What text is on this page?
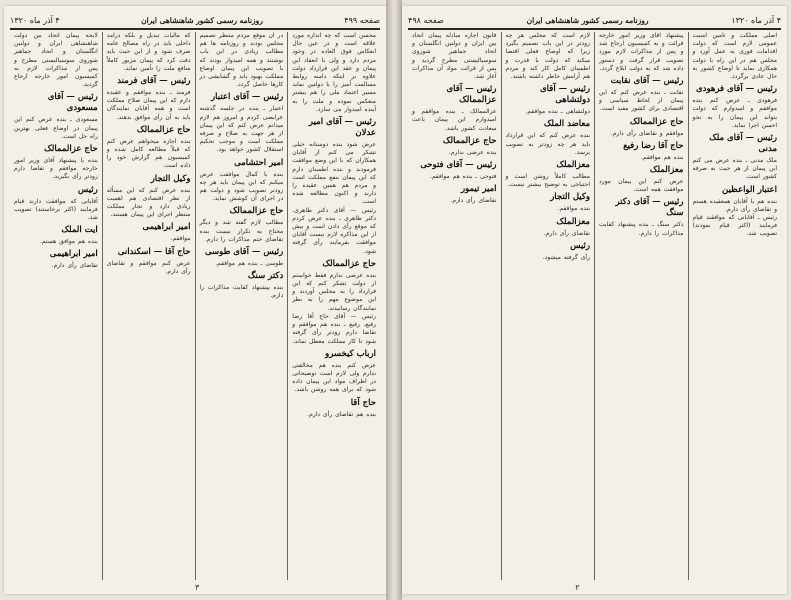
صفحه ۴۹۹
روزنامه رسمی کشور شاهنشاهی ایران
۴ آذر ماه ۱۳۲۰
محسن است که چه اندازه مورد علاقه است و در عین حال انعکاس فوق العاده در وجود مردم دارد و ولی با انعقاد این پیمان و عقد این قرارداد دولت علاوه بر اینکه دامنه روابط مسالمت آمیز را با دولتین نماید مسیر اعتماد ملی را هم بیشتر منعکس نموده و ملت را به آینده امیدوار می سازد.
رئیس — آقای امیر عدلان
عرض شود بنده دوستانه خیلی تشکر می کنم از آقایان همکاران که با این وضع موافقت فرمودند و بنده اطمینان دارم که این پیمان بنفع مملکت است و مردم هم همین عقیده را دارند و اکنون مطالعه شده است.
رئیس — آقای دکتر طاهری. دکتر طاهری ـ بنده عرض کردم که موقع رأی دادن است و بیش از این مذاکره لازم نیست آقایان موافقت بفرمایند رأی گرفته شود.
حاج عزالممالک
بنده عرضی ندارم فقط خواستم از دولت تشکر کنم که این قرارداد را به مجلس آوردند و این موضوع مهم را به نظر نمایندگان رسانیدند.
رئیس — آقای حاج آقا رضا رفیع. رفیع ـ بنده هم موافقم و تقاضا دارم زودتر رأی گرفته شود تا کار مملکت معطل نماند.
ارباب کیخسرو
عرض کنم بنده هم مخالفتی ندارم ولی لازم است توضیحاتی در اطراف مواد این پیمان داده شود که برای همه روشن باشد.
حاج آقا
بنده هم تقاضای رأی دارم.
در آن موقع مردم منتظر تصمیم مجلس بودند و روزنامه ها هم مطالب زیادی در این باب نوشتند و همه امیدوار بودند که با تصویب این پیمان اوضاع مملکت بهبود یابد و گشایشی در کارها حاصل گردد.
رئیس — آقای اعتبار
اعتبار ـ بنده در جلسه گذشته عرایضی کردم و امروز هم لازم میدانم عرض کنم که این پیمان از هر جهت به صلاح و صرفه مملکت است و موجب تحکیم استقلال کشور خواهد بود.
امیر احتشامی
بنده با کمال موافقت عرض میکنم که این پیمان باید هر چه زودتر تصویب شود و دولت هم در اجرای آن کوشش نماید.
حاج عزالممالک
مطالب لازم گفته شد و دیگر محتاج به تکرار نیست بنده تقاضای ختم مذاکرات را دارم.
رئیس — آقای طوسی
طوسی ـ بنده هم موافقم.
دکتر سنگ
بنده پیشنهاد کفایت مذاکرات را دارم.
که مالیات تبدیل و بلکه درآمد داخلی باید در راه مصالح عامه صرف شود و از این حیث باید دقت کرد که پیمان مزبور کاملاً منافع ملت را تأمین نماید.
رئیس — آقای فرمند
فرمند ـ بنده موافقم و عقیده دارم که این پیمان صلاح مملکت است و همه آقایان نمایندگان باید به آن رأی موافق بدهند.
حاج عزالممالک
بنده اجازه میخواهم عرض کنم که قبلاً مطالعه کامل شده و کمیسیون هم گزارش خود را داده است.
وکیل التجار
بنده عرض کنم که این مسأله از نظر اقتصادی هم اهمیت زیادی دارد و تجار مملکت منتظر اجرای این پیمان هستند.
امیر ابراهیمی
موافقم.
حاج آقا — اسکندانی
عرض کنم موافقم و تقاضای رأی دارم.
لایحه پیمان اتحاد بین دولت شاهنشاهی ایران و دولتین انگلستان و اتحاد جماهیر شوروی سوسیالیستی مطرح و پس از مذاکرات لازم به کمیسیون امور خارجه ارجاع گردید.
رئیس — آقای مسعودی
مسعودی ـ بنده عرض کنم این پیمان در اوضاع فعلی بهترین راه حل است.
حاج عزالممالک
بنده با پیشنهاد آقای وزیر امور خارجه موافقم و تقاضا دارم زودتر رأی بگیرید.
رئیس
آقایانی که موافقت دارند قیام فرمایند (اکثر برخاستند) تصویب شد.
ایت الملک
بنده هم موافق هستم.
امیر ابراهیمی
تقاضای رأی دارم.
۳
۴ آذر ماه ۱۳۲۰
روزنامه رسمی کشور شاهنشاهی ایران
صفحه ۴۹۸
اصلی مملکت و تأمین امنیت عمومی لازم است که دولت اقدامات فوری به عمل آورد و مجلس هم در این راه با دولت همکاری نماید تا اوضاع کشور به حال عادی برگردد.
رئیس — آقای فرهودی
فرهودی ـ عرض کنم بنده موافقم و امیدوارم که دولت بتواند این پیمان را به نحو احسن اجرا نماید.
رئیس — آقای ملک مدنی
ملک مدنی ـ بنده عرض می کنم این پیمان از هر حیث به صرفه کشور است.
اعتبار الواعظین
بنده هم با آقایان همعقیده هستم و تقاضای رأی دارم.
رئیس ـ آقایانی که موافقند قیام فرمایند (اکثر قیام نمودند) تصویب شد.
پیشنهاد آقای وزیر امور خارجه قرائت و به کمیسیون ارجاع شد و پس از مذاکرات لازم مورد تصویب قرار گرفت و دستور داده شد که به دولت ابلاغ گردد.
رئیس — آقای نقابت
نقابت ـ بنده عرض کنم که این پیمان از لحاظ سیاسی و اقتصادی برای کشور مفید است.
حاج عزالممالک
موافقم و تقاضای رأی دارم.
حاج آقا رضا رفیع
بنده هم موافقم.
معزالملک
عرض کنم این پیمان مورد موافقت همه است.
رئیس — آقای دکتر سنگ
دکتر سنگ ـ بنده پیشنهاد کفایت مذاکرات را دارم.
لازم است که مجلس هر چه زودتر در این باب تصمیم بگیرد زیرا که اوضاع فعلی اقتضا میکند که دولت با قدرت و اطمینان کامل کار کند و مردم هم آرامش خاطر داشته باشند.
رئیس — آقای دولتشاهی
دولتشاهی ـ بنده موافقم.
معاضد الملک
بنده عرض کنم که این قرارداد باید هر چه زودتر به تصویب برسد.
معزالملک
مطالب کاملاً روشن است و احتیاجی به توضیح بیشتر نیست.
وکیل التجار
بنده موافقم.
معزالملک
تقاضای رأی دارم.
رئیس
رأی گرفته میشود.
قانون اجازه مبادله پیمان اتحاد بین ایران و دولتین انگلستان و اتحاد جماهیر شوروی سوسیالیستی مطرح گردید و پس از قرائت مواد آن مذاکرات آغاز شد.
رئیس — آقای عزالممالک
عزالممالک ـ بنده موافقم و امیدوارم این پیمان باعث سعادت کشور باشد.
حاج عزالممالک
بنده عرضی ندارم.
رئیس — آقای فتوحی
فتوحی ـ بنده هم موافقم.
امیر تیمور
تقاضای رأی دارم.
۲
